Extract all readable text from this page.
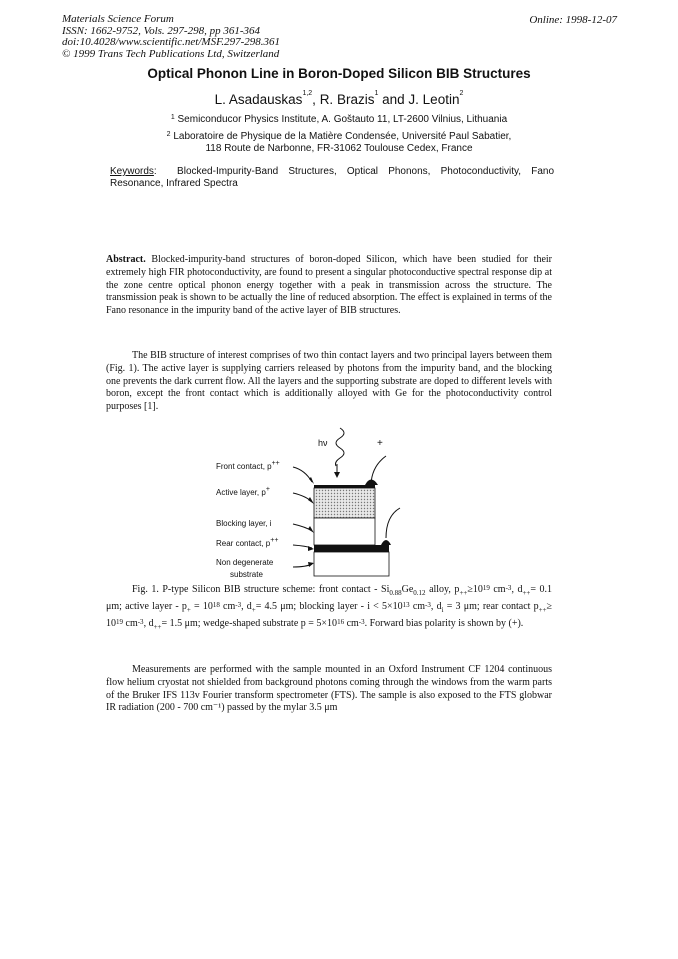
Materials Science Forum
ISSN: 1662-9752, Vols. 297-298, pp 361-364
doi:10.4028/www.scientific.net/MSF.297-298.361
© 1999 Trans Tech Publications Ltd, Switzerland
Online: 1998-12-07
Optical Phonon Line in Boron-Doped Silicon BIB Structures
L. Asadauskas$^{1,2}$, R. Brazis$^1$ and J. Leotin$^2$
$^1$ Semiconducor Physics Institute, A. Goštauto 11, LT-2600 Vilnius, Lithuania
$^2$ Laboratoire de Physique de la Matière Condensée, Université Paul Sabatier,
118 Route de Narbonne, FR-31062 Toulouse Cedex, France
Keywords:  Blocked-Impurity-Band Structures, Optical Phonons, Photoconductivity, Fano Resonance, Infrared Spectra
Abstract. Blocked-impurity-band structures of boron-doped Silicon, which have been studied for their extremely high FIR photoconductivity, are found to present a singular photoconductive spectral response dip at the zone centre optical phonon energy together with a peak in transmission across the structure. The transmission peak is shown to be actually the line of reduced absorption. The effect is explained in terms of the Fano resonance in the impurity band of the active layer of BIB structures.
The BIB structure of interest comprises of two thin contact layers and two principal layers between them (Fig. 1). The active layer is supplying carriers released by photons from the impurity band, and the blocking one prevents the dark current flow. All the layers and the supporting substrate are doped to different levels with boron, except the front contact which is additionally alloyed with Ge for the photoconductivity control purposes [1].
hν	+
Front contact, p++
Active layer, p+
Blocking layer, i
Rear contact, p++
Non degenerate
substrate
Fig. 1. P-type Silicon BIB structure scheme: front contact - $Si_{0.88}Ge_{0.12}$ alloy, $p_{++}\ge 10^{19}$ $cm^{-3}$, $d_{++}= 0.1$ μm; active layer - $p_+ = 10^{18}$ $cm^{-3}$, $d_+= 4.5$ μm; blocking layer - $i < 5\times 10^{13}$ $cm^{-3}$, $d_i = 3$ μm; rear contact $p_{++}\ge 10^{19}$ $cm^{-3}$, $d_{++}= 1.5$ μm; wedge-shaped substrate $p = 5\times 10^{16}$ $cm^{-3}$. Forward bias polarity is shown by (+).
Measurements are performed with the sample mounted in an Oxford Instrument CF 1204 continuous flow helium cryostat not shielded from background photons coming through the windows from the warm parts of the Bruker IFS 113v Fourier transform spectrometer (FTS). The sample is also exposed to the FTS globwar IR radiation (200 - 700 cm⁻¹) passed by the mylar 3.5 μm
